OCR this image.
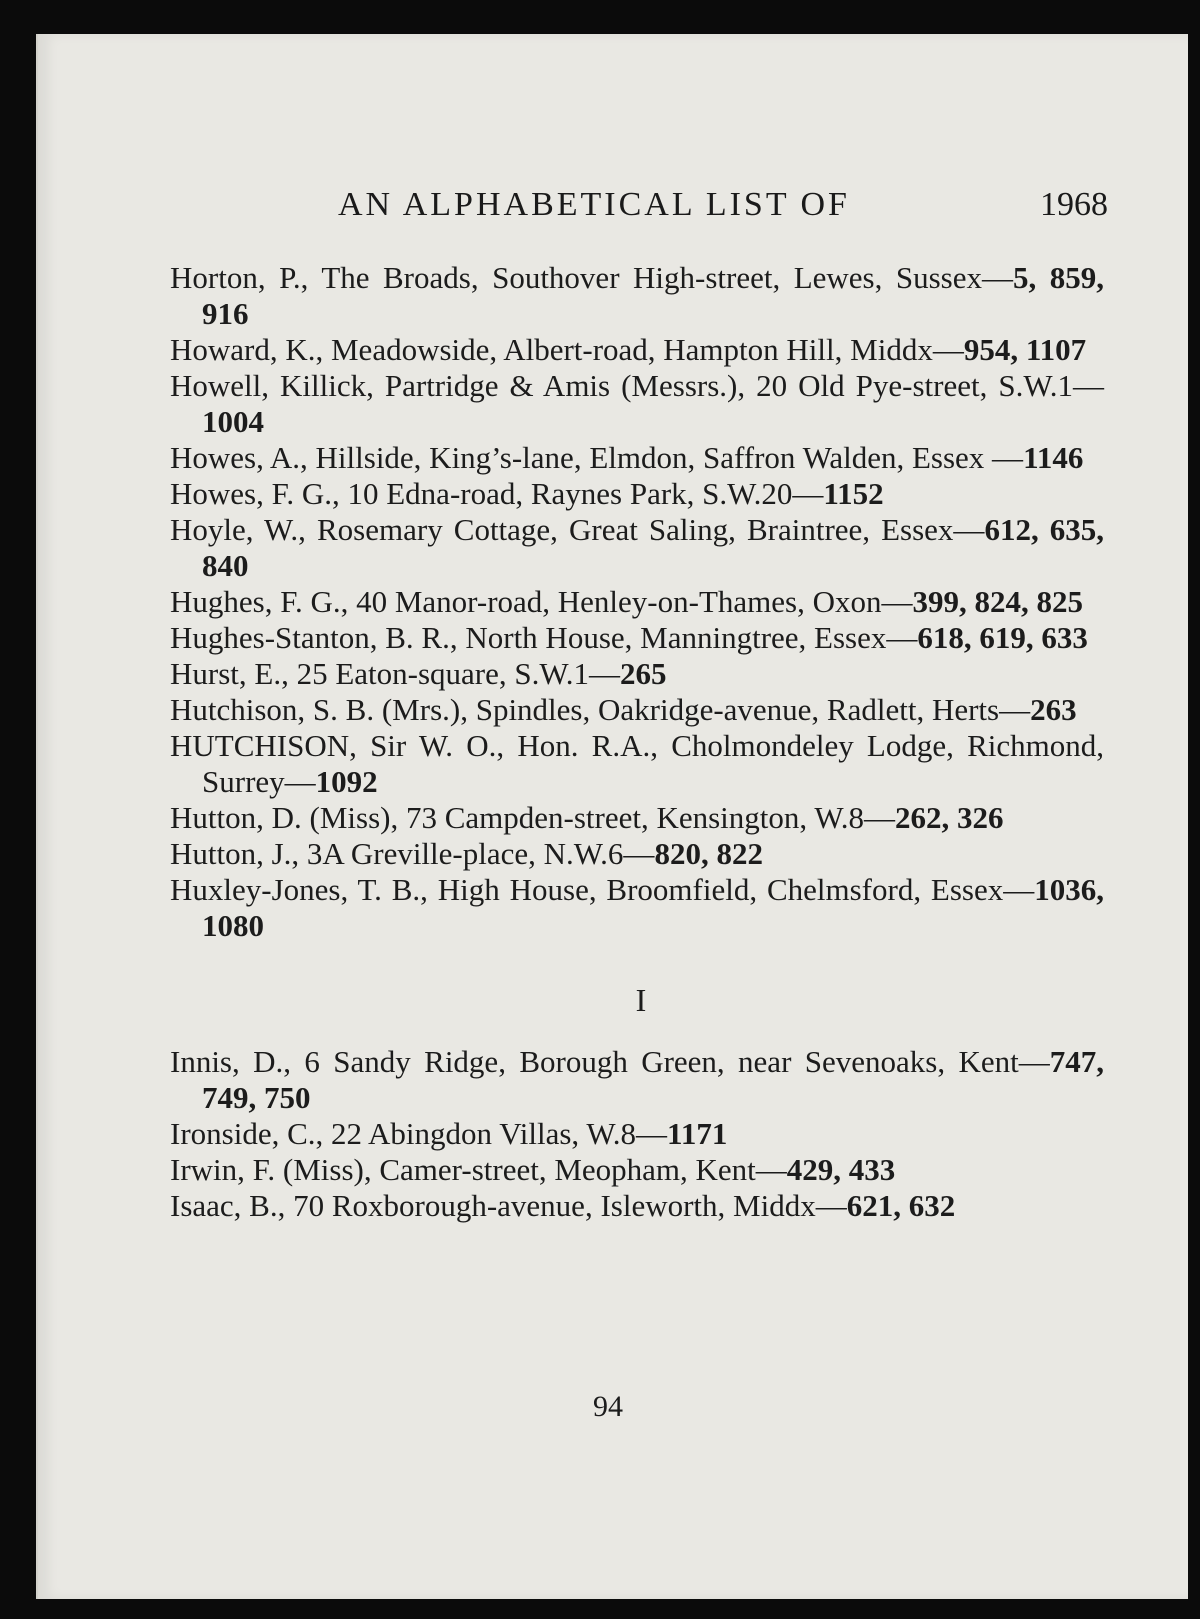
AN ALPHABETICAL LIST OF	1968
Horton, P., The Broads, Southover High-street, Lewes, Sussex—5, 859, 916
Howard, K., Meadowside, Albert-road, Hampton Hill, Middx—954, 1107
Howell, Killick, Partridge & Amis (Messrs.), 20 Old Pye-street, S.W.1—1004
Howes, A., Hillside, King’s-lane, Elmdon, Saffron Walden, Essex —1146
Howes, F. G., 10 Edna-road, Raynes Park, S.W.20—1152
Hoyle, W., Rosemary Cottage, Great Saling, Braintree, Essex—612, 635, 840
Hughes, F. G., 40 Manor-road, Henley-on-Thames, Oxon—399, 824, 825
Hughes-Stanton, B. R., North House, Manningtree, Essex—618, 619, 633
Hurst, E., 25 Eaton-square, S.W.1—265
Hutchison, S. B. (Mrs.), Spindles, Oakridge-avenue, Radlett, Herts—263
HUTCHISON, Sir W. O., Hon. R.A., Cholmondeley Lodge, Richmond, Surrey—1092
Hutton, D. (Miss), 73 Campden-street, Kensington, W.8—262, 326
Hutton, J., 3A Greville-place, N.W.6—820, 822
Huxley-Jones, T. B., High House, Broomfield, Chelmsford, Essex—1036, 1080
I
Innis, D., 6 Sandy Ridge, Borough Green, near Sevenoaks, Kent—747, 749, 750
Ironside, C., 22 Abingdon Villas, W.8—1171
Irwin, F. (Miss), Camer-street, Meopham, Kent—429, 433
Isaac, B., 70 Roxborough-avenue, Isleworth, Middx—621, 632
94
